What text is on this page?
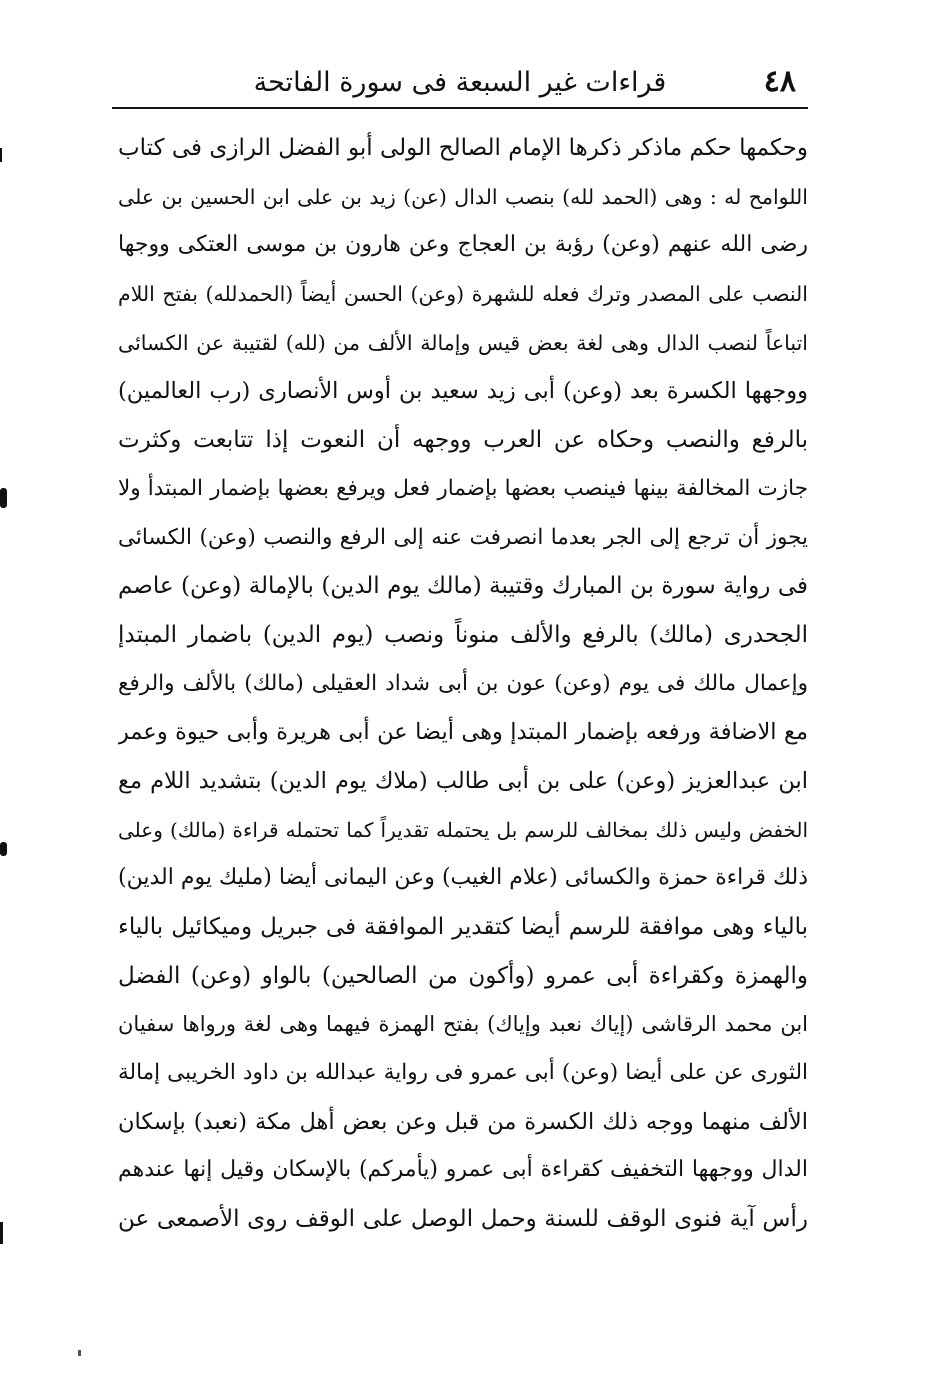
٤٨
قراءات غير السبعة فى سورة الفاتحة
وحكمها حكم ماذكر ذكرها الإمام الصالح الولى أبو الفضل الرازى فى كتاب
اللوامح له : وهى (الحمد لله) بنصب الدال (عن) زيد بن على ابن الحسين بن على
رضى الله عنهم (وعن) رؤبة بن العجاج وعن هارون بن موسى العتكى ووجها
النصب على المصدر وترك فعله للشهرة (وعن) الحسن أيضاً (الحمدلله) بفتح اللام
اتباعاً لنصب الدال وهى لغة بعض قيس وإمالة الألف من (لله) لقتيبة عن الكسائى
ووجهها الكسرة بعد (وعن) أبى زيد سعيد بن أوس الأنصارى (رب العالمين)
بالرفع والنصب وحكاه عن العرب ووجهه أن النعوت إذا تتابعت وكثرت
جازت المخالفة بينها فينصب بعضها بإضمار فعل ويرفع بعضها بإضمار المبتدأ ولا
يجوز أن ترجع إلى الجر بعدما انصرفت عنه إلى الرفع والنصب (وعن) الكسائى
فى رواية سورة بن المبارك وقتيبة (مالك يوم الدين) بالإمالة (وعن) عاصم
الجحدرى (مالك) بالرفع والألف منوناً ونصب (يوم الدين) باضمار المبتدإ
وإعمال مالك فى يوم (وعن) عون بن أبى شداد العقيلى (مالك) بالألف والرفع
مع الاضافة ورفعه بإضمار المبتدإ وهى أيضا عن أبى هريرة وأبى حيوة وعمر
ابن عبدالعزيز (وعن) على بن أبى طالب (ملاك يوم الدين) بتشديد اللام مع
الخفض وليس ذلك بمخالف للرسم بل يحتمله تقديراً كما تحتمله قراءة (مالك) وعلى
ذلك قراءة حمزة والكسائى (علام الغيب) وعن اليمانى أيضا (مليك يوم الدين)
بالياء وهى موافقة للرسم أيضا كتقدير الموافقة فى جبريل وميكائيل بالياء
والهمزة وكقراءة أبى عمرو (وأكون من الصالحين) بالواو (وعن) الفضل
ابن محمد الرقاشى (إياك نعبد وإياك) بفتح الهمزة فيهما وهى لغة ورواها سفيان
الثورى عن على أيضا (وعن) أبى عمرو فى رواية عبدالله بن داود الخريبى إمالة
الألف منهما ووجه ذلك الكسرة من قبل وعن بعض أهل مكة (نعبد) بإسكان
الدال ووجهها التخفيف كقراءة أبى عمرو (يأمركم) بالإسكان وقيل إنها عندهم
رأس آية فنوى الوقف للسنة وحمل الوصل على الوقف روى الأصمعى عن
